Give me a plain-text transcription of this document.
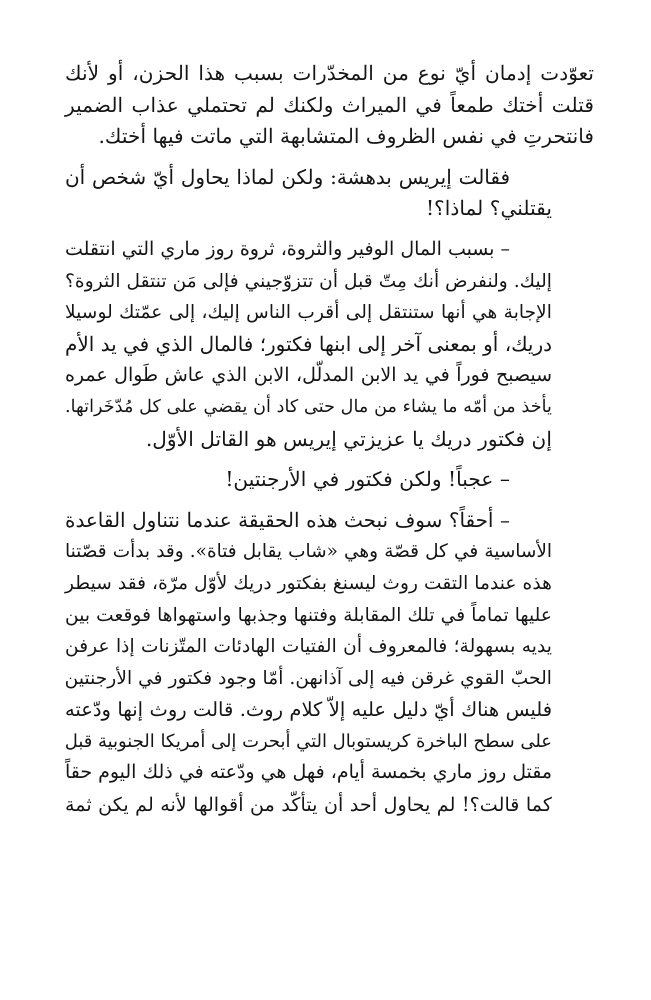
تعوّدت إدمان أيّ نوع من المخدّرات بسبب هذا الحزن، أو لأنك
قتلت أختك طمعاً في الميراث ولكنك لم تحتملي عذاب الضمير
فانتحرتِ في نفس الظروف المتشابهة التي ماتت فيها أختك.

فقالت إيريس بدهشة: ولكن لماذا يحاول أيّ شخص أن
يقتلني؟ لماذا؟!

– بسبب المال الوفير والثروة، ثروة روز ماري التي انتقلت
إليك. ولنفرض أنك مِتّ قبل أن تتزوّجيني فإلى مَن تنتقل الثروة؟
الإجابة هي أنها ستنتقل إلى أقرب الناس إليك، إلى عمّتك لوسيلا
دريك، أو بمعنى آخر إلى ابنها فكتور؛ فالمال الذي في يد الأم
سيصبح فوراً في يد الابن المدلّل، الابن الذي عاش طَوال عمره
يأخذ من أمّه ما يشاء من مال حتى كاد أن يقضي على كل مُدّخَراتها.
إن فكتور دريك يا عزيزتي إيريس هو القاتل الأوّل.

– عجباً! ولكن فكتور في الأرجنتين!

– أحقاً؟ سوف نبحث هذه الحقيقة عندما نتناول القاعدة
الأساسية في كل قصّة وهي «شاب يقابل فتاة». وقد بدأت قصّتنا
هذه عندما التقت روث ليسنغ بفكتور دريك لأوّل مرّة، فقد سيطر
عليها تماماً في تلك المقابلة وفتنها وجذبها واستهواها فوقعت بين
يديه بسهولة؛ فالمعروف أن الفتيات الهادئات المتّزنات إذا عرفن
الحبّ القوي غرقن فيه إلى آذانهن. أمّا وجود فكتور في الأرجنتين
فليس هناك أيّ دليل عليه إلاّ كلام روث. قالت روث إنها ودّعته
على سطح الباخرة كريستوبال التي أبحرت إلى أمريكا الجنوبية قبل
مقتل روز ماري بخمسة أيام، فهل هي ودّعته في ذلك اليوم حقاً
كما قالت؟! لم يحاول أحد أن يتأكّد من أقوالها لأنه لم يكن ثمة
